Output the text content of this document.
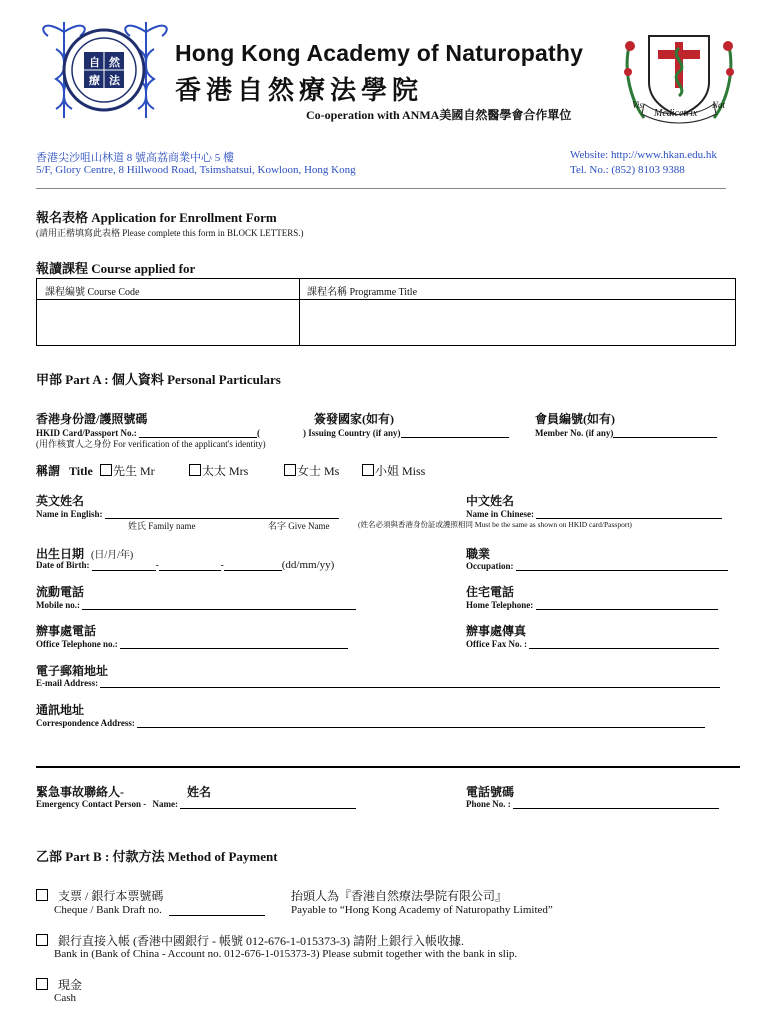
自 然
療 法
Hong Kong Academy of Naturopathy
香港自然療法學院
Co-operation with ANMA美國自然醫學會合作單位
Vis	Nat
Medicetrix
香港尖沙咀山林道 8 號高荔商業中心 5 樓
5/F, Glory Centre, 8 Hillwood Road, Tsimshatsui, Kowloon, Hong Kong
Website: http://www.hkan.edu.hk
Tel. No.: (852) 8103 9388
報名表格 Application for Enrollment Form
(請用正楷填寫此表格 Please complete this form in BLOCK LETTERS.)
報讀課程 Course applied for
課程編號 Course Code	課程名稱 Programme Title
甲部 Part A : 個人資料 Personal Particulars
香港身份證/護照號碼
HKID Card/Passport No.:	(
(用作核實人之身份 For verification of the applicant's identity)
簽發國家(如有)
) Issuing Country (if any)
會員編號(如有)
Member No. (if any)
稱謂 Title	先生 Mr	太太 Mrs	女士 Ms	小姐 Miss
英文姓名
Name in English:
姓氏 Family name	名字 Give Name	(姓名必須與香港身份証或護照相同 Must be the same as shown on HKID card/Passport)
中文姓名
Name in Chinese:
出生日期 (日/月/年)
Date of Birth:	-	-	(dd/mm/yy)
職業
Occupation:
流動電話
Mobile no.:
住宅電話
Home Telephone:
辦事處電話
Office Telephone no.:
辦事處傳真
Office Fax No. :
電子郵箱地址
E-mail Address:
通訊地址
Correspondence Address:
緊急事故聯絡人-	姓名
Emergency Contact Person - Name:
電話號碼
Phone No. :
乙部 Part B : 付款方法 Method of Payment
支票 / 銀行本票號碼
Cheque / Bank Draft no.
抬頭人為『香港自然療法學院有限公司』
Payable to “Hong Kong Academy of Naturopathy Limited”
銀行直接入帳 (香港中國銀行 - 帳號 012-676-1-015373-3) 請附上銀行入帳收據.
Bank in (Bank of China - Account no. 012-676-1-015373-3) Please submit together with the bank in slip.
現金
Cash
